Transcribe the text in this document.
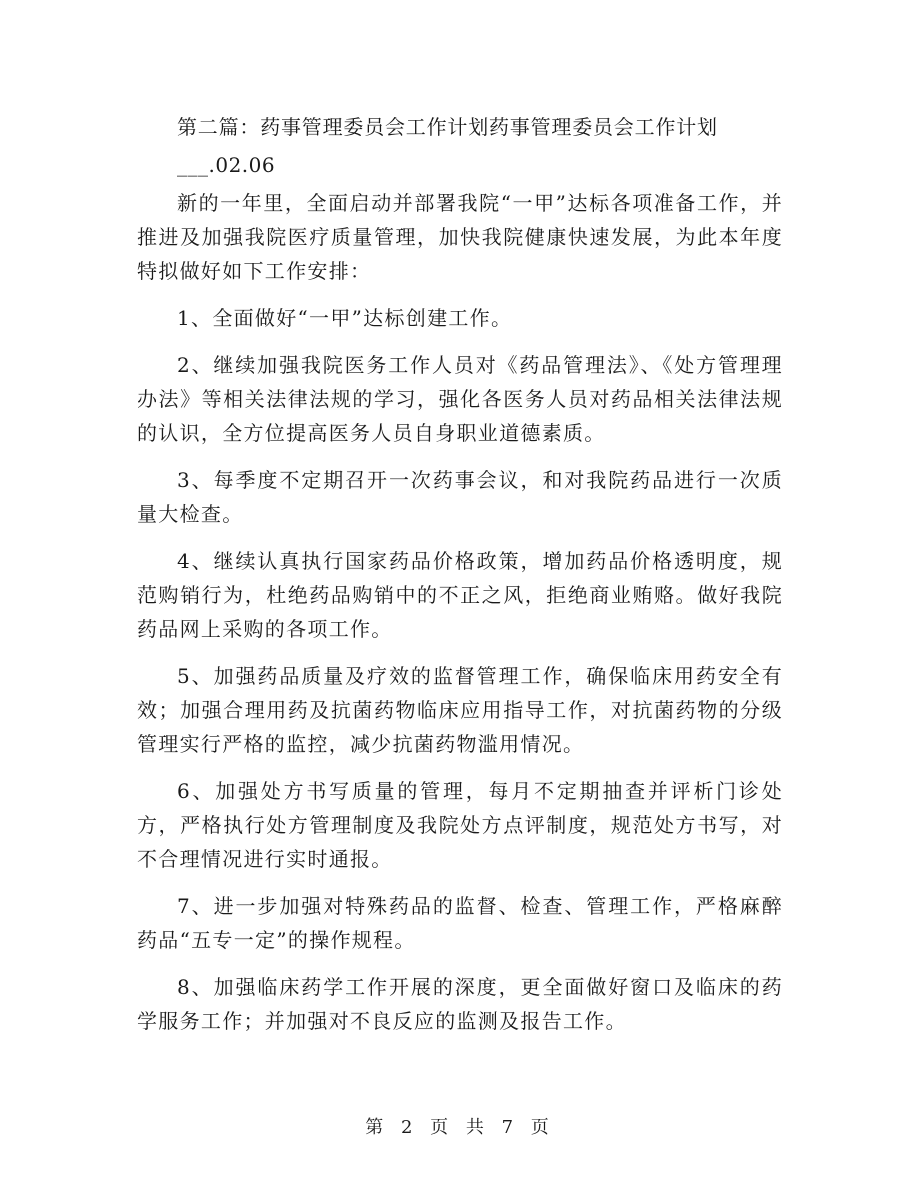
第二篇：药事管理委员会工作计划药事管理委员会工作计划

___.02.06

新的一年里，全面启动并部署我院“一甲”达标各项准备工作，并推进及加强我院医疗质量管理，加快我院健康快速发展，为此本年度特拟做好如下工作安排：

1、全面做好“一甲”达标创建工作。

2、继续加强我院医务工作人员对《药品管理法》、《处方管理理办法》等相关法律法规的学习，强化各医务人员对药品相关法律法规的认识，全方位提高医务人员自身职业道德素质。

3、每季度不定期召开一次药事会议，和对我院药品进行一次质量大检查。

4、继续认真执行国家药品价格政策，增加药品价格透明度，规范购销行为，杜绝药品购销中的不正之风，拒绝商业贿赂。做好我院药品网上采购的各项工作。

5、加强药品质量及疗效的监督管理工作，确保临床用药安全有效；加强合理用药及抗菌药物临床应用指导工作，对抗菌药物的分级管理实行严格的监控，减少抗菌药物滥用情况。

6、加强处方书写质量的管理，每月不定期抽查并评析门诊处方，严格执行处方管理制度及我院处方点评制度，规范处方书写，对不合理情况进行实时通报。

7、进一步加强对特殊药品的监督、检查、管理工作，严格麻醉药品“五专一定”的操作规程。

8、加强临床药学工作开展的深度，更全面做好窗口及临床的药学服务工作；并加强对不良反应的监测及报告工作。

第 2 页 共 7 页
